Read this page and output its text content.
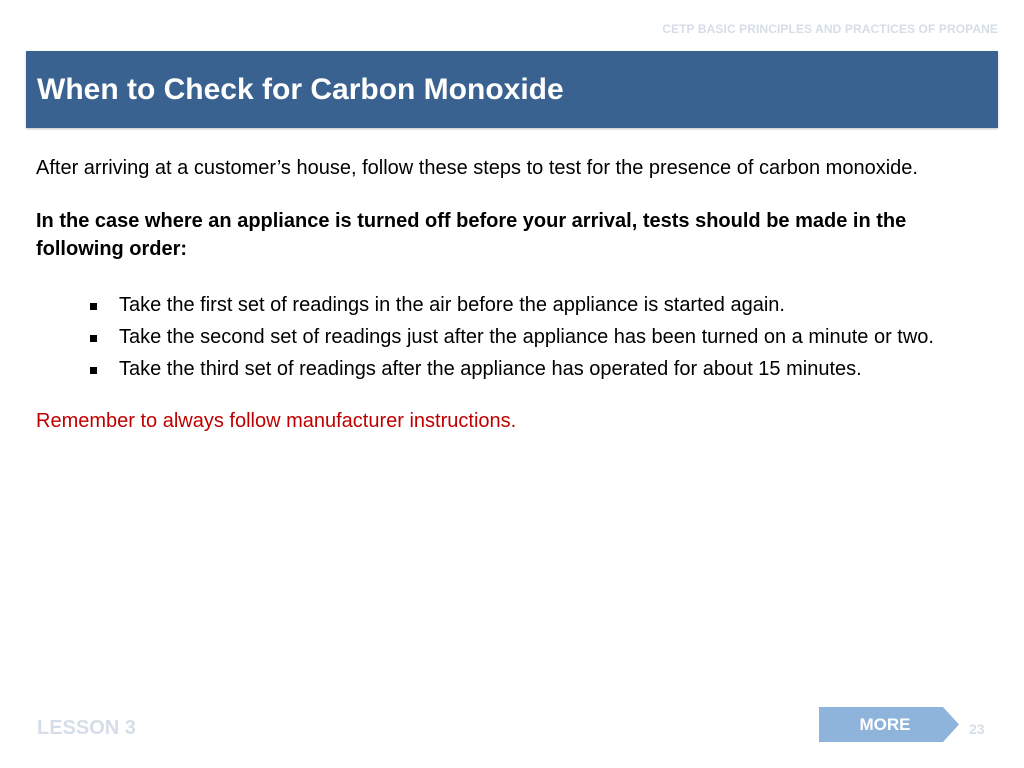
CETP BASIC PRINCIPLES AND PRACTICES OF PROPANE
When to Check for Carbon Monoxide

After arriving at a customer’s house, follow these steps to test for the presence of carbon monoxide.

In the case where an appliance is turned off before your arrival, tests should be made in the following order:

Take the first set of readings in the air before the appliance is started again.
Take the second set of readings just after the appliance has been turned on a minute or two.
Take the third set of readings after the appliance has operated for about 15 minutes.

Remember to always follow manufacturer instructions.

LESSON 3	MORE	23
